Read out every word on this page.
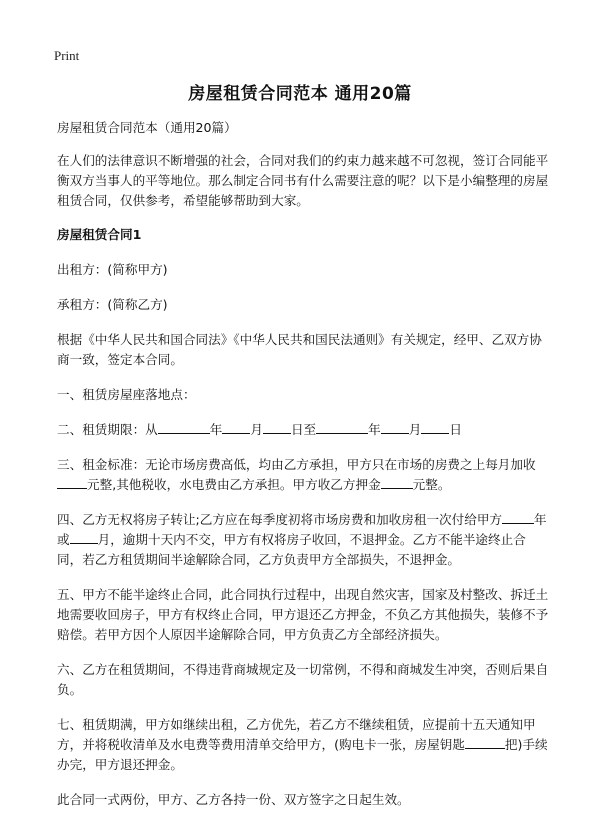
Print
房屋租赁合同范本 通用20篇

房屋租赁合同范本（通用20篇）

在人们的法律意识不断增强的社会，合同对我们的约束力越来越不可忽视，签订合同能平衡双方当事人的平等地位。那么制定合同书有什么需要注意的呢？以下是小编整理的房屋租赁合同，仅供参考，希望能够帮助到大家。

房屋租赁合同1

出租方：(简称甲方)

承租方：(简称乙方)

根据《中华人民共和国合同法》《中华人民共和国民法通则》有关规定，经甲、乙双方协商一致，签定本合同。

一、租赁房屋座落地点：

二、租赁期限：从	年 月 日至	年 月 日

三、租金标准：无论市场房费高低，均由乙方承担，甲方只在市场的房费之上每月加收元整,其他税收，水电费由乙方承担。甲方收乙方押金	元整。

四、乙方无权将房子转让;乙方应在每季度初将市场房费和加收房租一次付给甲方	年或 月，逾期十天内不交，甲方有权将房子收回，不退押金。乙方不能半途终止合同，若乙方租赁期间半途解除合同，乙方负责甲方全部损失，不退押金。

五、甲方不能半途终止合同，此合同执行过程中，出现自然灾害，国家及村整改、拆迁土地需要收回房子，甲方有权终止合同，甲方退还乙方押金，不负乙方其他损失，装修不予赔偿。若甲方因个人原因半途解除合同，甲方负责乙方全部经济损失。

六、乙方在租赁期间，不得违背商城规定及一切常例，不得和商城发生冲突，否则后果自负。

七、租赁期满，甲方如继续出租，乙方优先，若乙方不继续租赁，应提前十五天通知甲方，并将税收清单及水电费等费用清单交给甲方，(购电卡一张，房屋钥匙	把)手续办完，甲方退还押金。

此合同一式两份，甲方、乙方各持一份、双方签字之日起生效。
